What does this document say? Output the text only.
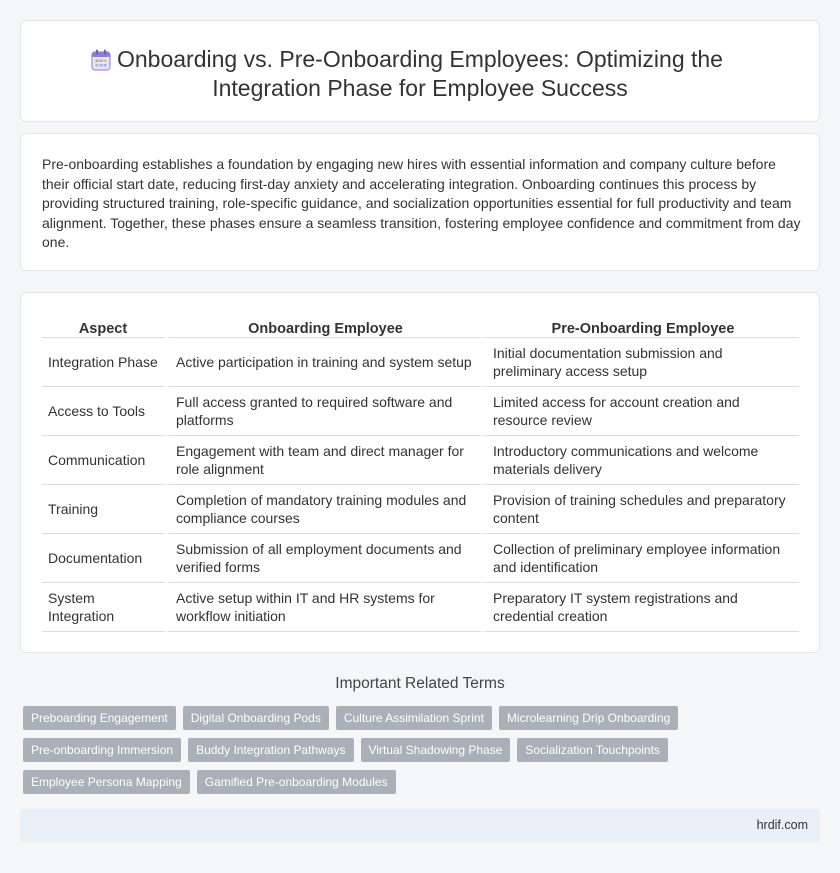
Onboarding vs. Pre-Onboarding Employees: Optimizing the
Integration Phase for Employee Success

Pre-onboarding establishes a foundation by engaging new hires with essential information and company culture before their official start date, reducing first-day anxiety and accelerating integration. Onboarding continues this process by providing structured training, role-specific guidance, and socialization opportunities essential for full productivity and team alignment. Together, these phases ensure a seamless transition, fostering employee confidence and commitment from day one.

Aspect	Onboarding Employee	Pre-Onboarding Employee
Integration Phase	Active participation in training and system setup	Initial documentation submission and preliminary access setup
Access to Tools	Full access granted to required software and platforms	Limited access for account creation and resource review
Communication	Engagement with team and direct manager for role alignment	Introductory communications and welcome materials delivery
Training	Completion of mandatory training modules and compliance courses	Provision of training schedules and preparatory content
Documentation	Submission of all employment documents and verified forms	Collection of preliminary employee information and identification
System Integration	Active setup within IT and HR systems for workflow initiation	Preparatory IT system registrations and credential creation
Important Related Terms
Preboarding Engagement	Digital Onboarding Pods	Culture Assimilation Sprint	Microlearning Drip Onboarding
Pre-onboarding Immersion	Buddy Integration Pathways	Virtual Shadowing Phase	Socialization Touchpoints
Employee Persona Mapping	Gamified Pre-onboarding Modules
hrdif.com
